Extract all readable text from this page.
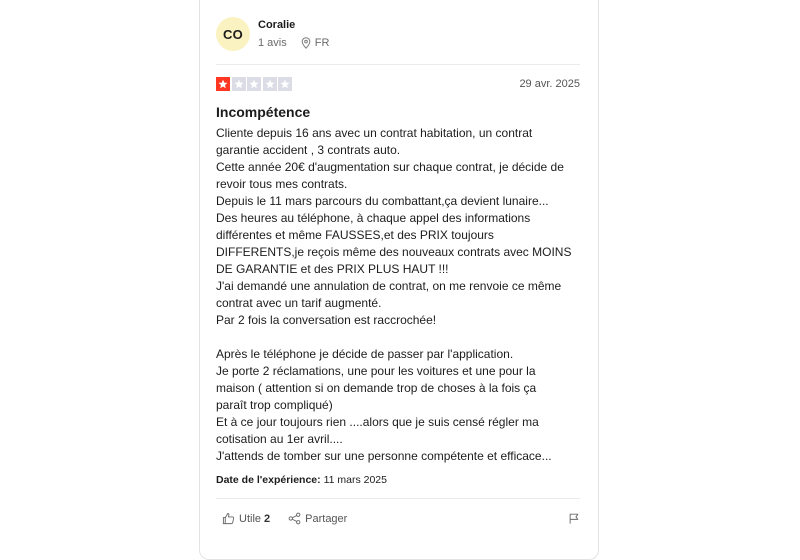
CO
Coralie
1 avis	FR
29 avr. 2025
Incompétence

Cliente depuis 16 ans avec un contrat habitation, un contrat

garantie accident , 3 contrats auto.

Cette année 20€ d'augmentation sur chaque contrat, je décide de

revoir tous mes contrats.

Depuis le 11 mars parcours du combattant,ça devient lunaire...

Des heures au téléphone, à chaque appel des informations

différentes et même FAUSSES,et des PRIX toujours

DIFFERENTS,je reçois même des nouveaux contrats avec MOINS

DE GARANTIE et des PRIX PLUS HAUT !!!

J'ai demandé une annulation de contrat, on me renvoie ce même

contrat avec un tarif augmenté.

Par 2 fois la conversation est raccrochée!

Après le téléphone je décide de passer par l'application.

Je porte 2 réclamations, une pour les voitures et une pour la

maison ( attention si on demande trop de choses à la fois ça

paraît trop compliqué)

Et à ce jour toujours rien ....alors que je suis censé régler ma

cotisation au 1er avril....

J'attends de tomber sur une personne compétente et efficace...

Date de l'expérience: 11 mars 2025
Utile 2	Partager
